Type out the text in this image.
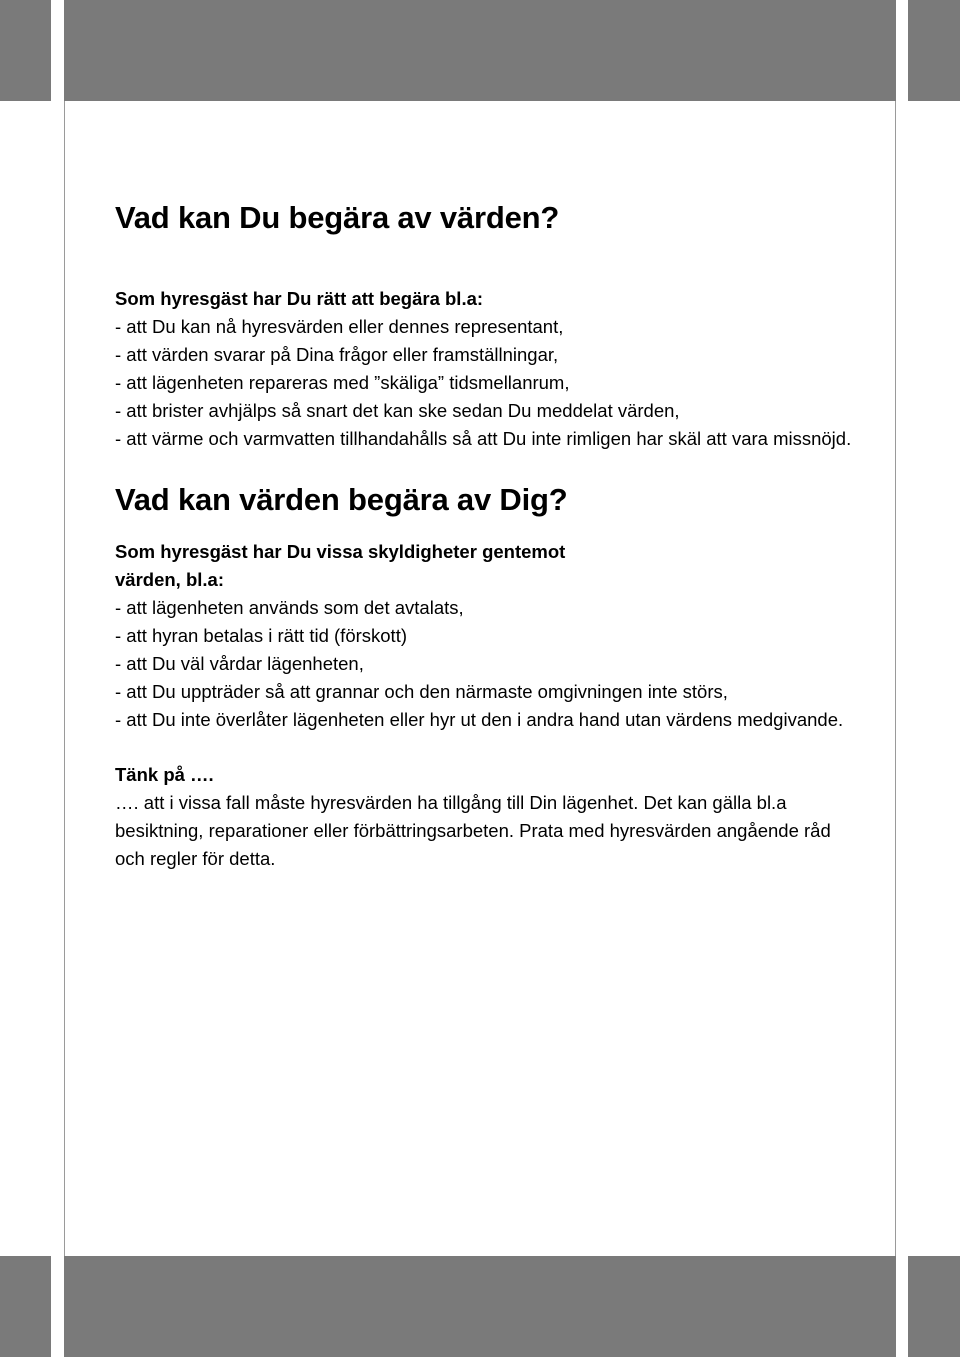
Vad kan Du begära av värden?

Som hyresgäst har Du rätt att begära bl.a:

- att Du kan nå hyresvärden eller dennes representant,
- att värden svarar på Dina frågor eller framställningar,
- att lägenheten repareras med ”skäliga” tidsmellanrum,
- att brister avhjälps så snart det kan ske sedan Du meddelat värden,
- att värme och varmvatten tillhandahålls så att Du inte rimligen har skäl att vara missnöjd.
Vad kan värden begära av Dig?

Som hyresgäst har Du vissa skyldigheter gentemot värden, bl.a:

- att lägenheten används som det avtalats,
- att hyran betalas i rätt tid (förskott)
- att Du väl vårdar lägenheten,
- att Du uppträder så att grannar och den närmaste omgivningen inte störs,
- att Du inte överlåter lägenheten eller hyr ut den i andra hand utan värdens medgivande.

Tänk på ….

…. att i vissa fall måste hyresvärden ha tillgång till Din lägenhet. Det kan gälla bl.a besiktning, reparationer eller förbättringsarbeten. Prata med hyresvärden angående råd och regler för detta.
